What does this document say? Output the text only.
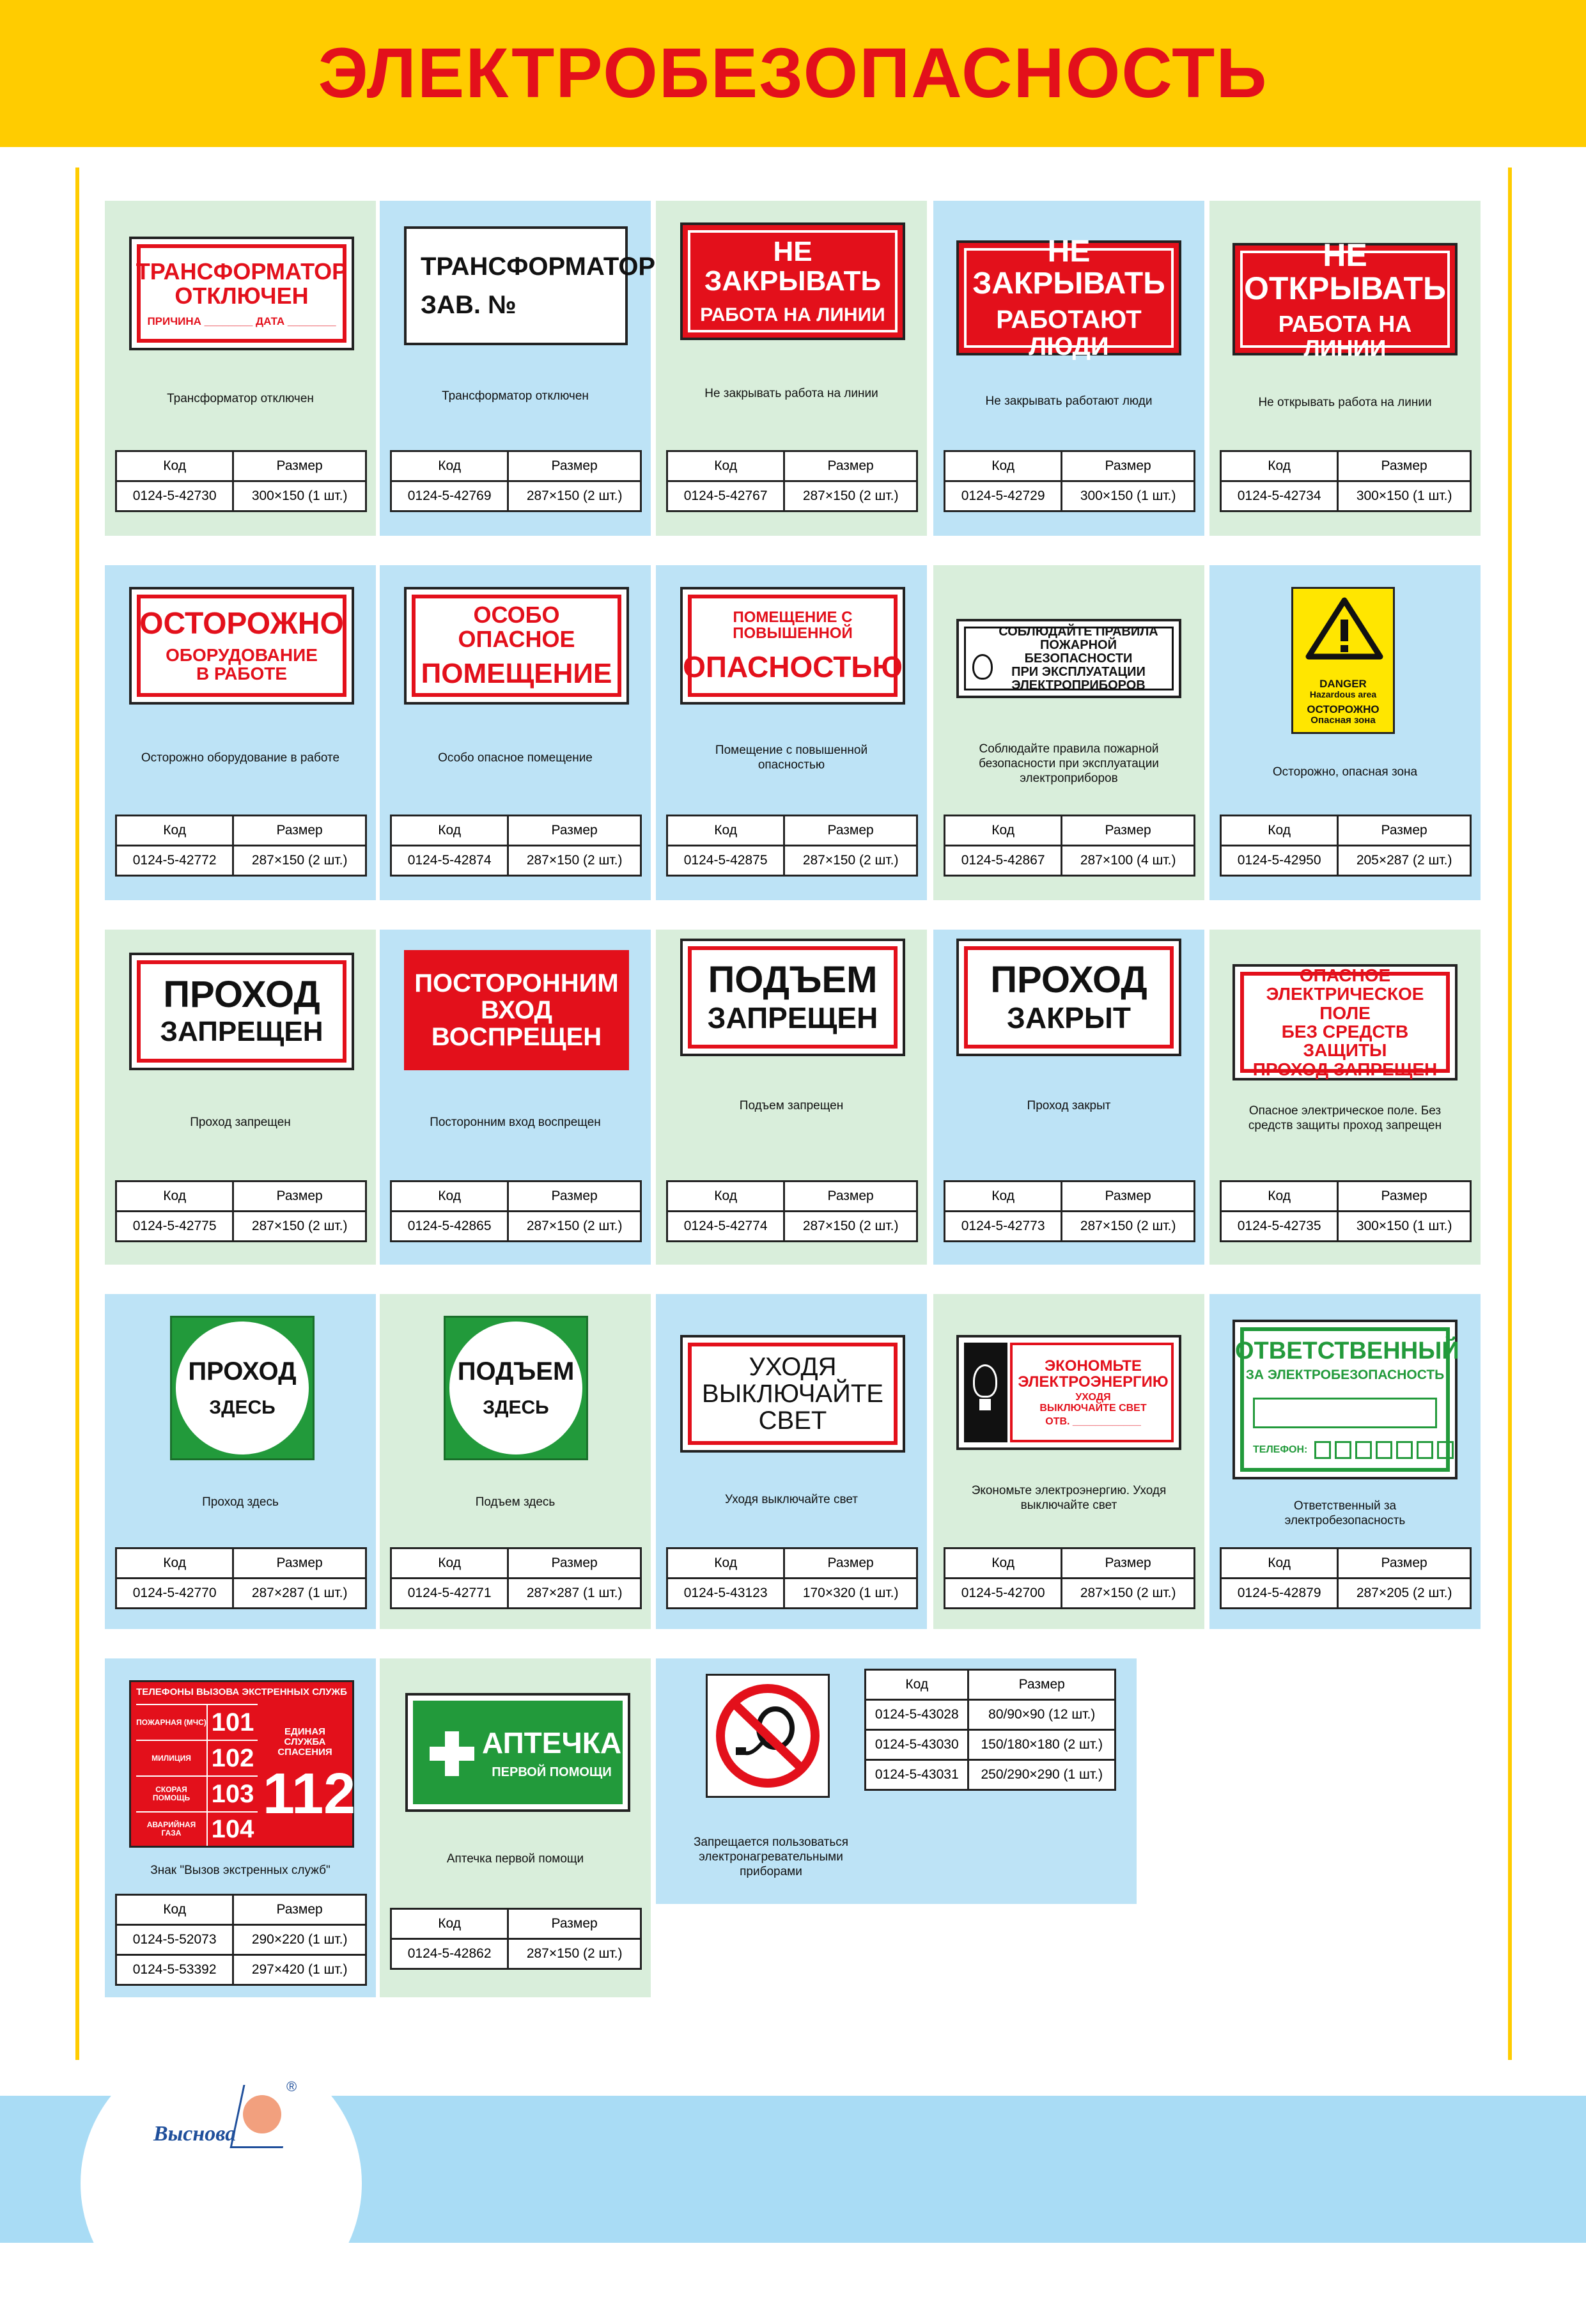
ЭЛЕКТРОБЕЗОПАСНОСТЬ
ТРАНСФОРМАТОР
ОТКЛЮЧЕН
ПРИЧИНА ________ ДАТА ________
Трансформатор отключен
Код	Размер
0124-5-42730	300×150 (1 шт.)
ТРАНСФОРМАТОР
ЗАВ. №
Трансформатор отключен
Код	Размер
0124-5-42769	287×150 (2 шт.)
НЕ ЗАКРЫВАТЬ
РАБОТА НА ЛИНИИ
Не закрывать работа на линии
Код	Размер
0124-5-42767	287×150 (2 шт.)
НЕ ЗАКРЫВАТЬ
РАБОТАЮТ ЛЮДИ
Не закрывать работают люди
Код	Размер
0124-5-42729	300×150 (1 шт.)
НЕ ОТКРЫВАТЬ
РАБОТА НА ЛИНИИ
Не открывать работа на линии
Код	Размер
0124-5-42734	300×150 (1 шт.)
ОСТОРОЖНО
ОБОРУДОВАНИЕ
В РАБОТЕ
Осторожно оборудование в работе
Код	Размер
0124-5-42772	287×150 (2 шт.)
ОСОБО ОПАСНОЕ
ПОМЕЩЕНИЕ
Особо опасное помещение
Код	Размер
0124-5-42874	287×150 (2 шт.)
ПОМЕЩЕНИЕ С ПОВЫШЕННОЙ
ОПАСНОСТЬЮ
Помещение с повышенной опасностью
Код	Размер
0124-5-42875	287×150 (2 шт.)
СОБЛЮДАЙТЕ ПРАВИЛА
ПОЖАРНОЙ БЕЗОПАСНОСТИ
ПРИ ЭКСПЛУАТАЦИИ
ЭЛЕКТРОПРИБОРОВ
Соблюдайте правила пожарной безопасности при эксплуатации электроприборов
Код	Размер
0124-5-42867	287×100 (4 шт.)
DANGER
Hazardous area
ОСТОРОЖНО
Опасная зона
Осторожно, опасная зона
Код	Размер
0124-5-42950	205×287 (2 шт.)
ПРОХОД
ЗАПРЕЩЕН
Проход запрещен
Код	Размер
0124-5-42775	287×150 (2 шт.)
ПОСТОРОННИМ
ВХОД
ВОСПРЕЩЕН
Посторонним вход воспрещен
Код	Размер
0124-5-42865	287×150 (2 шт.)
ПОДЪЕМ
ЗАПРЕЩЕН
Подъем запрещен
Код	Размер
0124-5-42774	287×150 (2 шт.)
ПРОХОД
ЗАКРЫТ
Проход закрыт
Код	Размер
0124-5-42773	287×150 (2 шт.)
ОПАСНОЕ
ЭЛЕКТРИЧЕСКОЕ ПОЛЕ
БЕЗ СРЕДСТВ ЗАЩИТЫ
ПРОХОД ЗАПРЕЩЕН
Опасное электрическое поле. Без средств защиты проход запрещен
Код	Размер
0124-5-42735	300×150 (1 шт.)
ПРОХОД
ЗДЕСЬ
Проход здесь
Код	Размер
0124-5-42770	287×287 (1 шт.)
ПОДЪЕМ
ЗДЕСЬ
Подъем здесь
Код	Размер
0124-5-42771	287×287 (1 шт.)
УХОДЯ
ВЫКЛЮЧАЙТЕ
СВЕТ
Уходя выключайте свет
Код	Размер
0124-5-43123	170×320 (1 шт.)
ЭКОНОМЬТЕ
ЭЛЕКТРОЭНЕРГИЮ
УХОДЯ
ВЫКЛЮЧАЙТЕ СВЕТ
ОТВ. ____________
Экономьте электроэнергию. Уходя выключайте свет
Код	Размер
0124-5-42700	287×150 (2 шт.)
ОТВЕТСТВЕННЫЙ
ЗА ЭЛЕКТРОБЕЗОПАСНОСТЬ
ТЕЛЕФОН:
Ответственный за электробезопасность
Код	Размер
0124-5-42879	287×205 (2 шт.)
ТЕЛЕФОНЫ ВЫЗОВА ЭКСТРЕННЫХ СЛУЖБ
ПОЖАРНАЯ (МЧС) 101
МИЛИЦИЯ 102
СКОРАЯ ПОМОЩЬ 103
АВАРИЙНАЯ ГАЗА	104
ЕДИНАЯ СЛУЖБА СПАСЕНИЯ
112
Знак "Вызов экстренных служб"
Код	Размер
0124-5-52073	290×220 (1 шт.)
0124-5-53392	297×420 (1 шт.)
АПТЕЧКА
ПЕРВОЙ ПОМОЩИ
Аптечка первой помощи
Код	Размер
0124-5-42862	287×150 (2 шт.)
Код	Размер
0124-5-43028	80/90×90 (12 шт.)
0124-5-43030	150/180×180 (2 шт.)
0124-5-43031	250/290×290 (1 шт.)
Запрещается пользоваться электронагревательными приборами
Выснова
®
